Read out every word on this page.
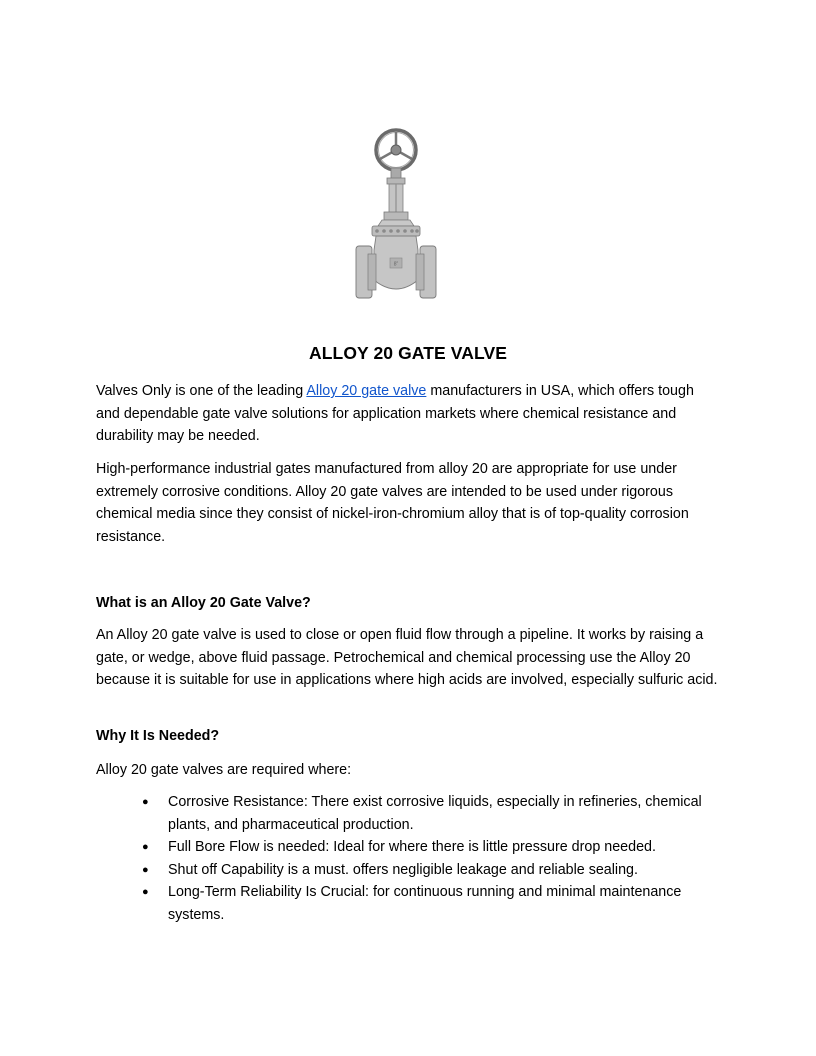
8”
ALLOY 20 GATE VALVE

Valves Only is one of the leading Alloy 20 gate valve manufacturers in USA, which offers tough and dependable gate valve solutions for application markets where chemical resistance and durability may be needed.

High-performance industrial gates manufactured from alloy 20 are appropriate for use under extremely corrosive conditions. Alloy 20 gate valves are intended to be used under rigorous chemical media since they consist of nickel-iron-chromium alloy that is of top-quality corrosion resistance.

What is an Alloy 20 Gate Valve?

An Alloy 20 gate valve is used to close or open fluid flow through a pipeline. It works by raising a gate, or wedge, above fluid passage. Petrochemical and chemical processing use the Alloy 20 because it is suitable for use in applications where high acids are involved, especially sulfuric acid.

Why It Is Needed?

Alloy 20 gate valves are required where:

● Corrosive Resistance: There exist corrosive liquids, especially in refineries, chemical plants, and pharmaceutical production.
● Full Bore Flow is needed: Ideal for where there is little pressure drop needed.
● Shut off Capability is a must. offers negligible leakage and reliable sealing.
● Long-Term Reliability Is Crucial: for continuous running and minimal maintenance systems.
